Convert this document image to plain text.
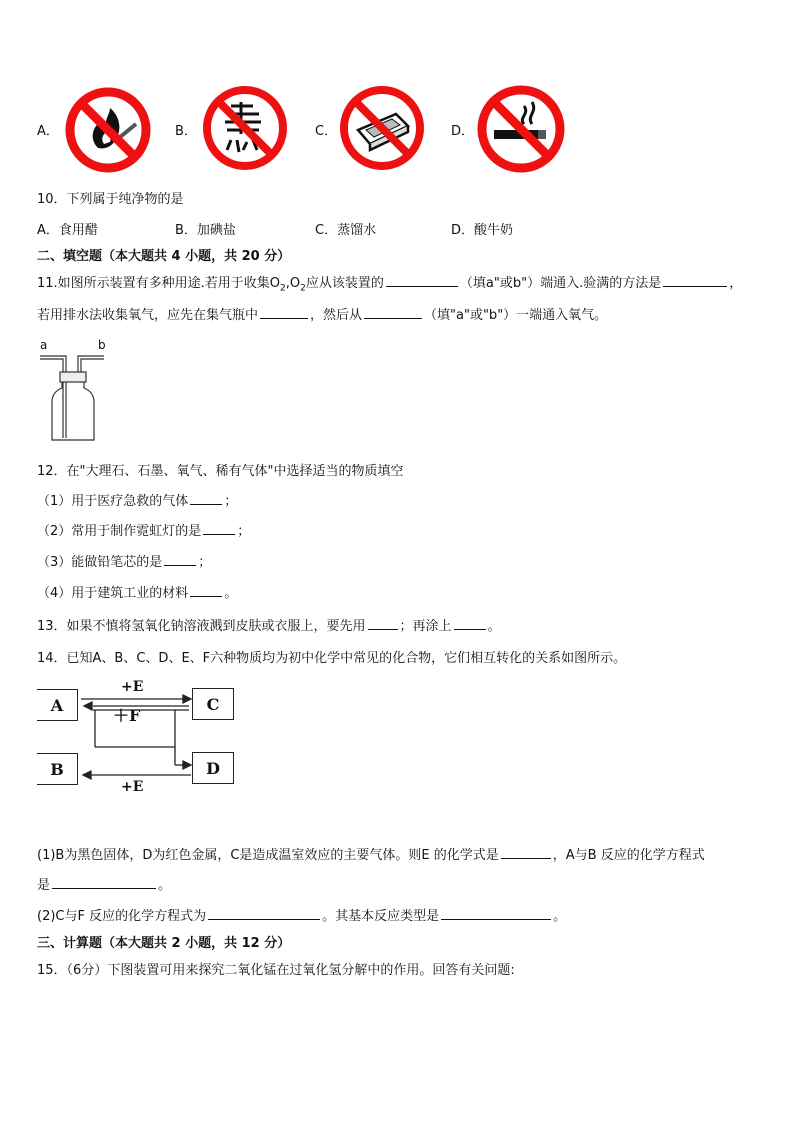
A．	B．	C．	D．
10．下列属于纯净物的是
A．食用醋	B．加碘盐	C．蒸馏水	D．酸牛奶
二、填空题（本大题共 4 小题，共 20 分）
11.如图所示装置有多种用途.若用于收集$O_2,O_2$应从该装置的	（填a"或b"）端通入.验满的方法是	，
若用排水法收集氧气，应先在集气瓶中	，然后从	（填"a"或"b"）一端通入氧气。
a	b
12．在"大理石、石墨、氧气、稀有气体"中选择适当的物质填空
（1）用于医疗急救的气体	；
（2）常用于制作霓虹灯的是	；
（3）能做铅笔芯的是	；
（4）用于建筑工业的材料	。
13．如果不慎将氢氧化钠溶液溅到皮肤或衣服上，要先用	；再涂上	。
14．已知A、B、C、D、E、F六种物质均为初中化学中常见的化合物，它们相互转化的关系如图所示。
A
B
C
D
+E
＋F
+E
(1)B为黑色固体，D为红色金属，C是造成温室效应的主要气体。则E 的化学式是	，A与B 反应的化学方程式
是	。
(2)C与F 反应的化学方程式为	。其基本反应类型是	。
三、计算题（本大题共 2 小题，共 12 分）
15．（6分）下图装置可用来探究二氧化锰在过氧化氢分解中的作用。回答有关问题:
